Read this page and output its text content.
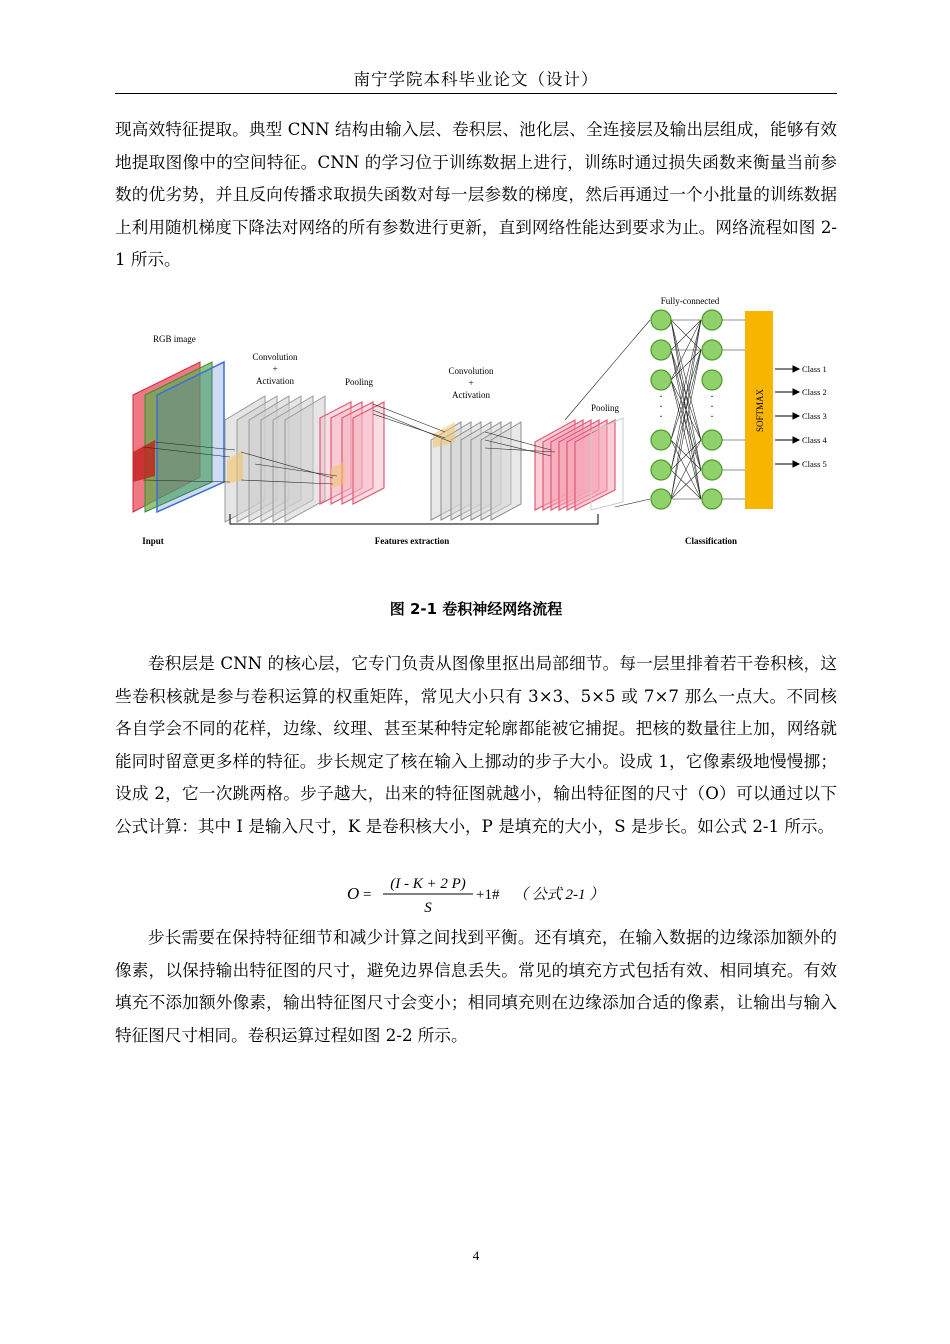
南宁学院本科毕业论文（设计）

现高效特征提取。典型 CNN 结构由输入层、卷积层、池化层、全连接层及输出层组成，能够有效地提取图像中的空间特征。CNN 的学习位于训练数据上进行，训练时通过损失函数来衡量当前参数的优劣势，并且反向传播求取损失函数对每一层参数的梯度，然后再通过一个小批量的训练数据上利用随机梯度下降法对网络的所有参数进行更新，直到网络性能达到要求为止。网络流程如图 2-1 所示。

RGB image
Convolution
+
Activation	Pooling
Convolution
+
Activation
Pooling
Fully-connected
·
·
·
·
·
·	SOFTMAX
Class 1
Class 2
Class 3
Class 4
Class 5
Input	Features extraction	Classification
图 2-1 卷积神经网络流程

卷积层是 CNN 的核心层，它专门负责从图像里抠出局部细节。每一层里排着若干卷积核，这些卷积核就是参与卷积运算的权重矩阵，常见大小只有 3×3、5×5 或 7×7 那么一点大。不同核各自学会不同的花样，边缘、纹理、甚至某种特定轮廓都能被它捕捉。把核的数量往上加，网络就能同时留意更多样的特征。步长规定了核在输入上挪动的步子大小。设成 1，它像素级地慢慢挪；设成 2，它一次跳两格。步子越大，出来的特征图就越小，输出特征图的尺寸（O）可以通过以下公式计算：其中 I 是输入尺寸，K 是卷积核大小，P 是填充的大小，S 是步长。如公式 2-1 所示。

O =
(I - K + 2 P)
S
+1# （ 公式 2-1 ）

步长需要在保持特征细节和减少计算之间找到平衡。还有填充，在输入数据的边缘添加额外的像素，以保持输出特征图的尺寸，避免边界信息丢失。常见的填充方式包括有效、相同填充。有效填充不添加额外像素，输出特征图尺寸会变小；相同填充则在边缘添加合适的像素，让输出与输入特征图尺寸相同。卷积运算过程如图 2-2 所示。

4
